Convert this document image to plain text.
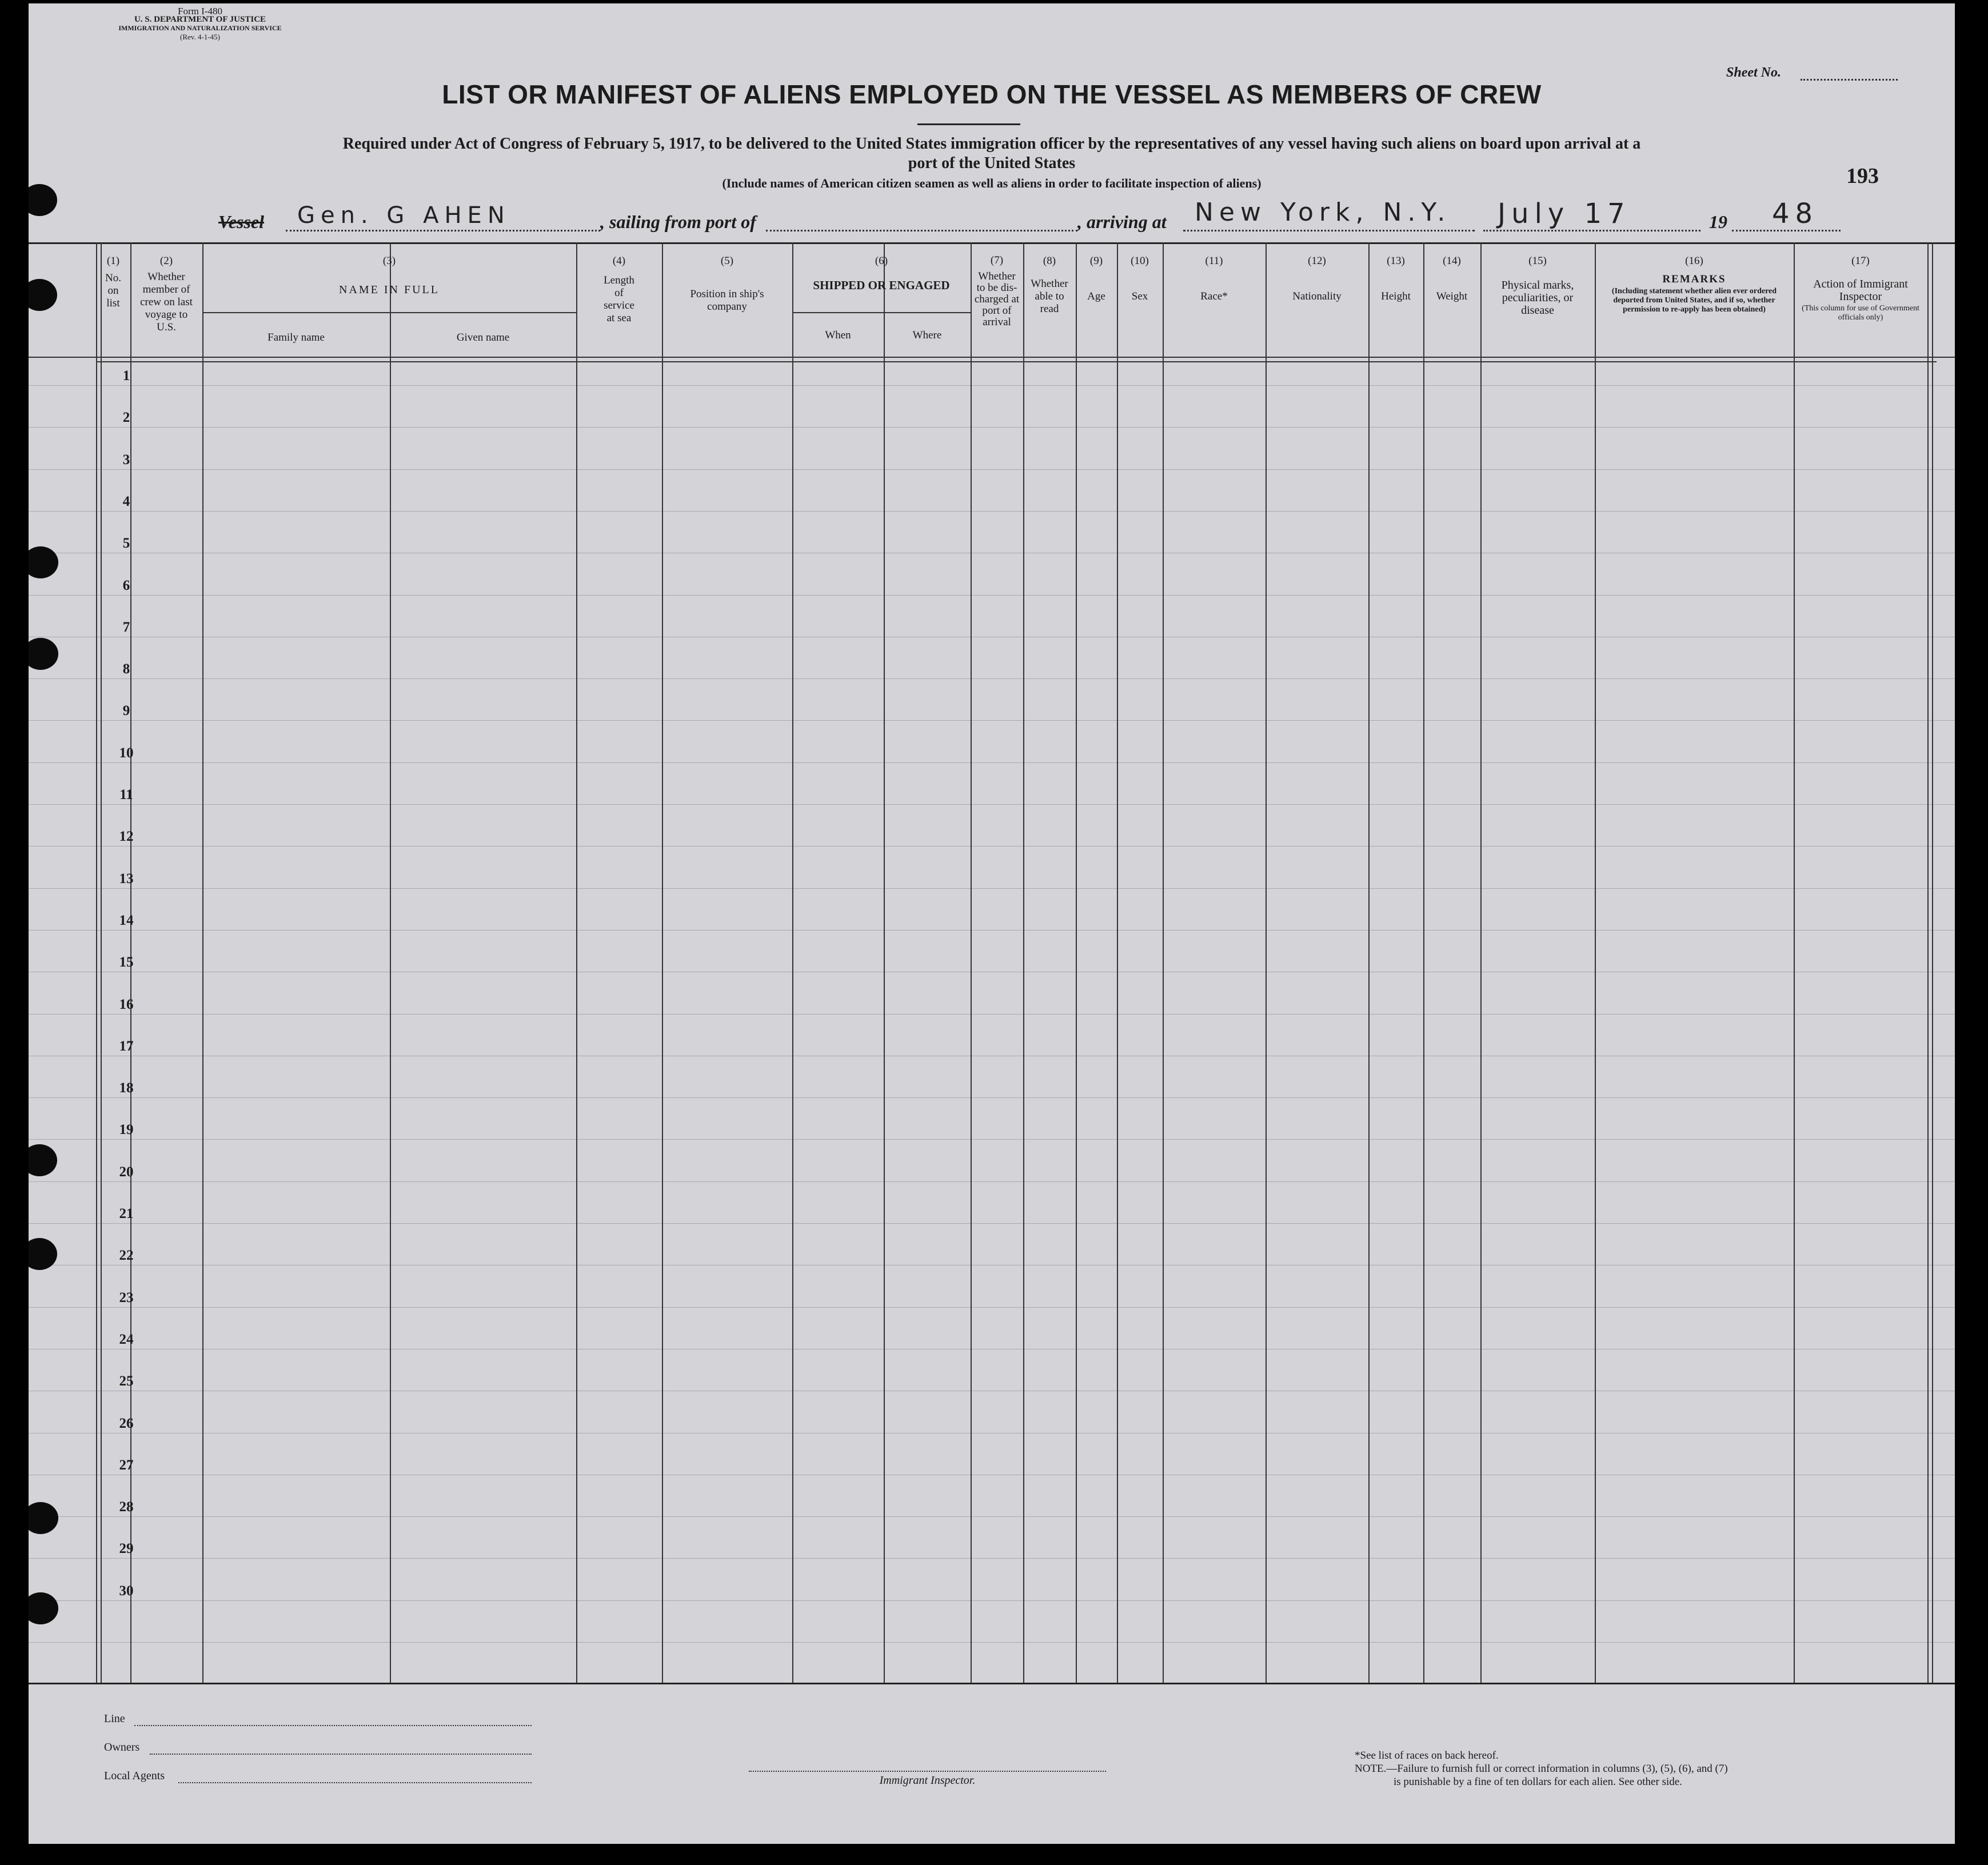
Form I-480
U. S. DEPARTMENT OF JUSTICE
IMMIGRATION AND NATURALIZATION SERVICE
(Rev. 4-1-45)
Sheet No.
LIST OR MANIFEST OF ALIENS EMPLOYED ON THE VESSEL AS MEMBERS OF CREW
Required under Act of Congress of February 5, 1917, to be delivered to the United States immigration officer by the representatives of any vessel having such aliens on board upon arrival at a
port of the United States
(Include names of American citizen seamen as well as aliens in order to facilitate inspection of aliens)	193
Vessel Gen. G AHEN	, sailing from port of	, arriving at New York, N.Y. July 17	19 48
(1)
No. on list
(2)
Whether member of crew on last voyage to U.S.
(3)
NAME IN FULL
Family name	Given name
(4)
Length of service at sea
(5)
Position in ship's company
(6)
SHIPPED OR ENGAGED
When	Where
(7)
Whether to be dis-charged at port of arrival
(8)
Whether able to read
(9)
Age
(10)
Sex
(11)
Race*
(12)
Nationality
(13)
Height
(14)
Weight
(15)
Physical marks, peculiarities, or disease
(16)
REMARKS
(Including statement whether alien ever ordered deported from United States, and if so, whether permission to re-apply has been obtained)
(17)
Action of Immigrant Inspector
(This column for use of Government officials only)
1
2
3
4
5
6
7
8
9
10
11
12
13
14
15
16
17
18
19
20
21
22
23
24
25
26
27
28
29
30
Line
Owners
Local Agents	Immigrant Inspector.
*See list of races on back hereof.
NOTE.—Failure to furnish full or correct information in columns (3), (5), (6), and (7)
is punishable by a fine of ten dollars for each alien. See other side.
